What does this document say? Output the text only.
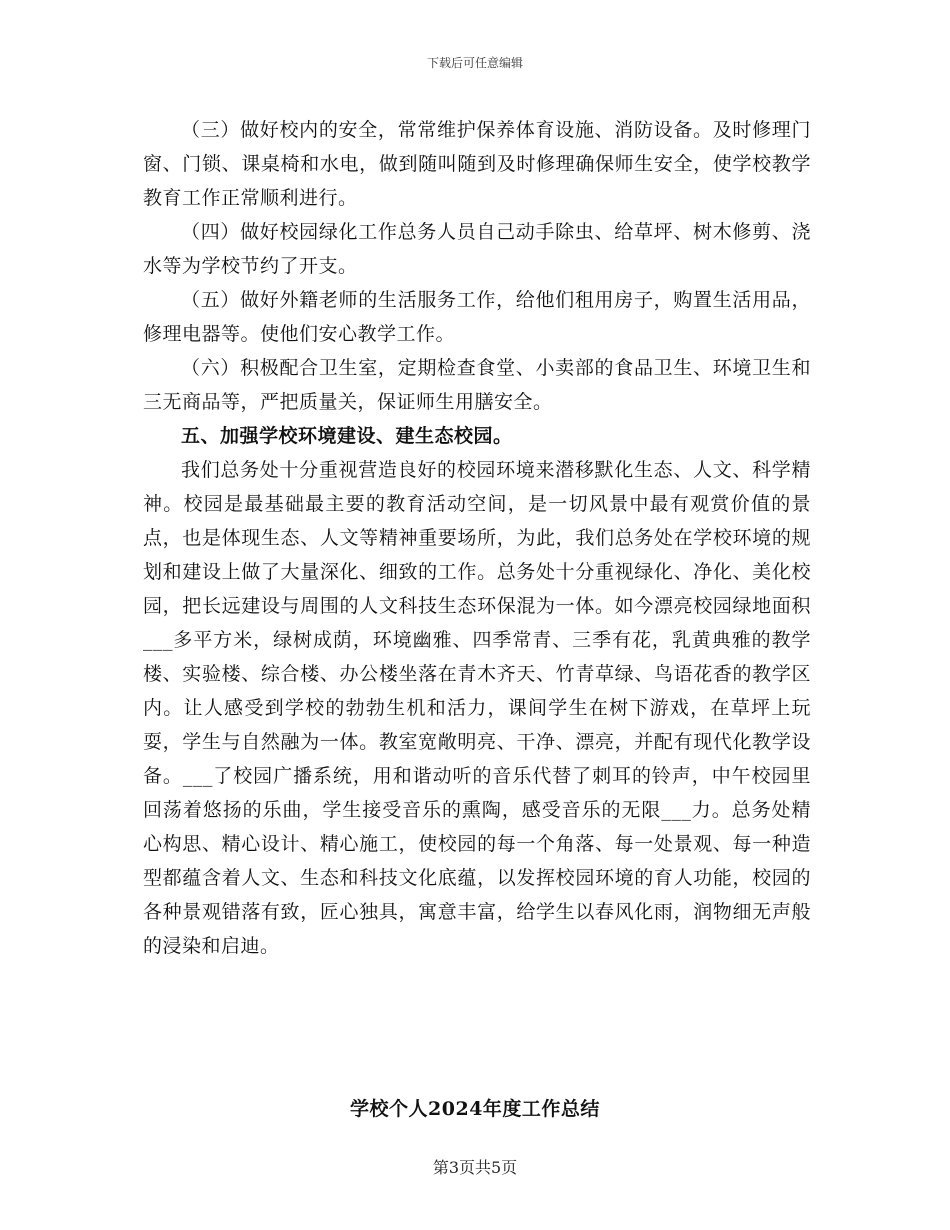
下载后可任意编辑

（三）做好校内的安全，常常维护保养体育设施、消防设备。及时修理门窗、门锁、课桌椅和水电，做到随叫随到及时修理确保师生安全，使学校教学教育工作正常顺利进行。

（四）做好校园绿化工作总务人员自己动手除虫、给草坪、树木修剪、浇水等为学校节约了开支。

（五）做好外籍老师的生活服务工作，给他们租用房子，购置生活用品，修理电器等。使他们安心教学工作。

（六）积极配合卫生室，定期检查食堂、小卖部的食品卫生、环境卫生和三无商品等，严把质量关，保证师生用膳安全。

五、加强学校环境建设、建生态校园。

我们总务处十分重视营造良好的校园环境来潜移默化生态、人文、科学精神。校园是最基础最主要的教育活动空间，是一切风景中最有观赏价值的景点，也是体现生态、人文等精神重要场所，为此，我们总务处在学校环境的规划和建设上做了大量深化、细致的工作。总务处十分重视绿化、净化、美化校园，把长远建设与周围的人文科技生态环保混为一体。如今漂亮校园绿地面积___多平方米，绿树成荫，环境幽雅、四季常青、三季有花，乳黄典雅的教学楼、实验楼、综合楼、办公楼坐落在青木齐天、竹青草绿、鸟语花香的教学区内。让人感受到学校的勃勃生机和活力，课间学生在树下游戏，在草坪上玩耍，学生与自然融为一体。教室宽敞明亮、干净、漂亮，并配有现代化教学设备。___了校园广播系统，用和谐动听的音乐代替了刺耳的铃声，中午校园里回荡着悠扬的乐曲，学生接受音乐的熏陶，感受音乐的无限___力。总务处精心构思、精心设计、精心施工，使校园的每一个角落、每一处景观、每一种造型都蕴含着人文、生态和科技文化底蕴，以发挥校园环境的育人功能，校园的各种景观错落有致，匠心独具，寓意丰富，给学生以春风化雨，润物细无声般的浸染和启迪。

学校个人2024年度工作总结
第3页共5页
